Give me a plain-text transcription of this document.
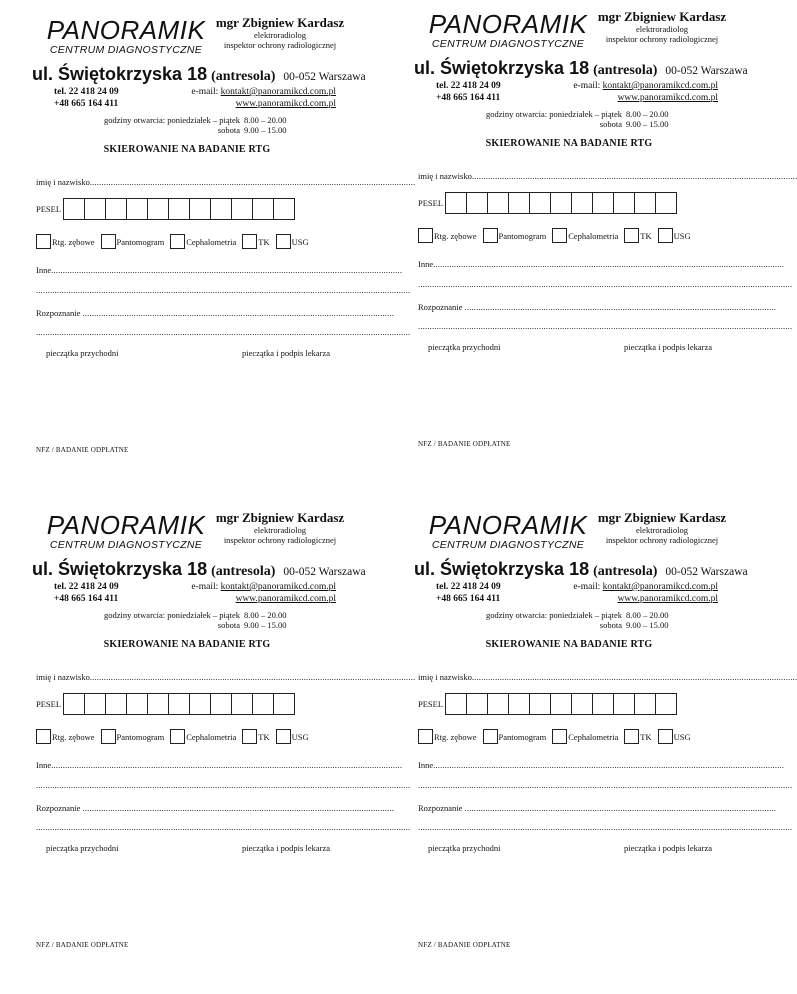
PANORAMIK
CENTRUM DIAGNOSTYCZNE
mgr Zbigniew Kardasz
elektroradiolog
inspektor ochrony radiologicznej
ul. Świętokrzyska 18 (antresola) 00-052 Warszawa
tel. 22 418 24 09
+48 665 164 411
e-mail: kontakt@panoramikcd.com.pl
www.panoramikcd.com.pl
godziny otwarcia: poniedziałek – piątek 8.00 – 20.00
sobota 9.00 – 15.00
SKIEROWANIE NA BADANIE RTG
imię i nazwisko............................................................................................................................................
PESEL
Rtg. zębowe	Pantomogram	Cephalometria	TK	USG
Inne.......................................................................................................................................................
.................................................................................................................................................................
Rozpoznanie ......................................................................................................................................
.................................................................................................................................................................
pieczątka przychodni	pieczątka i podpis lekarza
NFZ / BADANIE ODPŁATNE
PANORAMIK
CENTRUM DIAGNOSTYCZNE
mgr Zbigniew Kardasz
elektroradiolog
inspektor ochrony radiologicznej
ul. Świętokrzyska 18 (antresola) 00-052 Warszawa
tel. 22 418 24 09
+48 665 164 411
e-mail: kontakt@panoramikcd.com.pl
www.panoramikcd.com.pl
godziny otwarcia: poniedziałek – piątek 8.00 – 20.00
sobota 9.00 – 15.00
SKIEROWANIE NA BADANIE RTG
imię i nazwisko............................................................................................................................................
PESEL
Rtg. zębowe	Pantomogram	Cephalometria	TK	USG
Inne.......................................................................................................................................................
.................................................................................................................................................................
Rozpoznanie ......................................................................................................................................
.................................................................................................................................................................
pieczątka przychodni	pieczątka i podpis lekarza
NFZ / BADANIE ODPŁATNE
PANORAMIK
CENTRUM DIAGNOSTYCZNE
mgr Zbigniew Kardasz
elektroradiolog
inspektor ochrony radiologicznej
ul. Świętokrzyska 18 (antresola) 00-052 Warszawa
tel. 22 418 24 09
+48 665 164 411
e-mail: kontakt@panoramikcd.com.pl
www.panoramikcd.com.pl
godziny otwarcia: poniedziałek – piątek 8.00 – 20.00
sobota 9.00 – 15.00
SKIEROWANIE NA BADANIE RTG
imię i nazwisko............................................................................................................................................
PESEL
Rtg. zębowe	Pantomogram	Cephalometria	TK	USG
Inne.......................................................................................................................................................
.................................................................................................................................................................
Rozpoznanie ......................................................................................................................................
.................................................................................................................................................................
pieczątka przychodni	pieczątka i podpis lekarza
NFZ / BADANIE ODPŁATNE
PANORAMIK
CENTRUM DIAGNOSTYCZNE
mgr Zbigniew Kardasz
elektroradiolog
inspektor ochrony radiologicznej
ul. Świętokrzyska 18 (antresola) 00-052 Warszawa
tel. 22 418 24 09
+48 665 164 411
e-mail: kontakt@panoramikcd.com.pl
www.panoramikcd.com.pl
godziny otwarcia: poniedziałek – piątek 8.00 – 20.00
sobota 9.00 – 15.00
SKIEROWANIE NA BADANIE RTG
imię i nazwisko............................................................................................................................................
PESEL
Rtg. zębowe	Pantomogram	Cephalometria	TK	USG
Inne.......................................................................................................................................................
.................................................................................................................................................................
Rozpoznanie ......................................................................................................................................
.................................................................................................................................................................
pieczątka przychodni	pieczątka i podpis lekarza
NFZ / BADANIE ODPŁATNE
